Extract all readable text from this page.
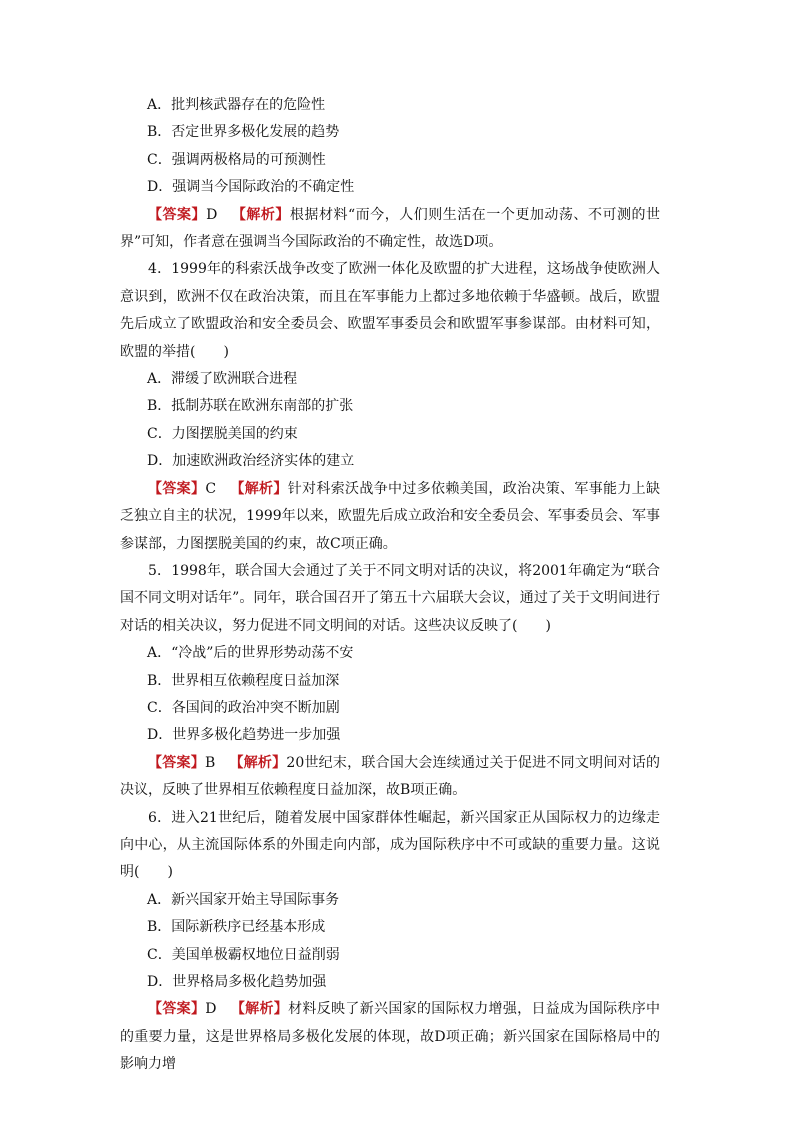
A．批判核武器存在的危险性

B．否定世界多极化发展的趋势

C．强调两极格局的可预测性

D．强调当今国际政治的不确定性

【答案】D 【解析】根据材料“而今，人们则生活在一个更加动荡、不可测的世界”可知，作者意在强调当今国际政治的不确定性，故选D项。

4．1999年的科索沃战争改变了欧洲一体化及欧盟的扩大进程，这场战争使欧洲人意识到，欧洲不仅在政治决策，而且在军事能力上都过多地依赖于华盛顿。战后，欧盟先后成立了欧盟政治和安全委员会、欧盟军事委员会和欧盟军事参谋部。由材料可知，欧盟的举措(　　)

A．滞缓了欧洲联合进程

B．抵制苏联在欧洲东南部的扩张

C．力图摆脱美国的约束

D．加速欧洲政治经济实体的建立

【答案】C 【解析】针对科索沃战争中过多依赖美国，政治决策、军事能力上缺乏独立自主的状况，1999年以来，欧盟先后成立政治和安全委员会、军事委员会、军事参谋部，力图摆脱美国的约束，故C项正确。

5．1998年，联合国大会通过了关于不同文明对话的决议，将2001年确定为“联合国不同文明对话年”。同年，联合国召开了第五十六届联大会议，通过了关于文明间进行对话的相关决议，努力促进不同文明间的对话。这些决议反映了(　　)

A．“冷战”后的世界形势动荡不安

B．世界相互依赖程度日益加深

C．各国间的政治冲突不断加剧

D．世界多极化趋势进一步加强

【答案】B 【解析】20世纪末，联合国大会连续通过关于促进不同文明间对话的决议，反映了世界相互依赖程度日益加深，故B项正确。

6．进入21世纪后，随着发展中国家群体性崛起，新兴国家正从国际权力的边缘走向中心，从主流国际体系的外围走向内部，成为国际秩序中不可或缺的重要力量。这说明(　　)

A．新兴国家开始主导国际事务

B．国际新秩序已经基本形成

C．美国单极霸权地位日益削弱

D．世界格局多极化趋势加强

【答案】D 【解析】材料反映了新兴国家的国际权力增强，日益成为国际秩序中的重要力量，这是世界格局多极化发展的体现，故D项正确；新兴国家在国际格局中的影响力增
